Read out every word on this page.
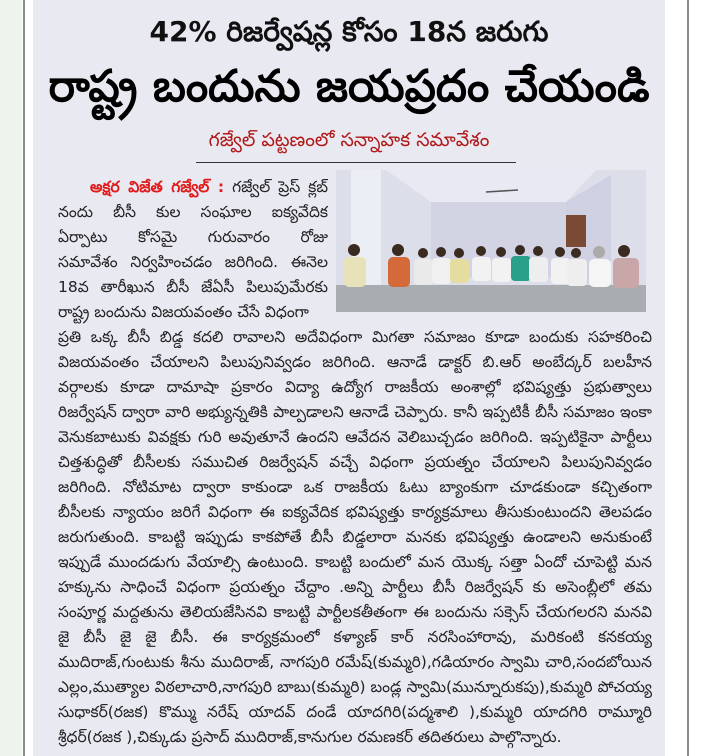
42% రిజర్వేషన్ల కోసం 18న జరుగు
రాష్ట్ర బందును జయప్రదం చేయండి
గజ్వేల్ పట్టణంలో సన్నాహక సమావేశం
అక్షర విజేత గజ్వేల్ : గజ్వేల్ ప్రెస్ క్లబ్
నందు బీసీ కుల సంఘాల ఐక్యవేదిక
ఏర్పాటు కోసమై గురువారం రోజు
సమావేశం నిర్వహించడం జరిగింది. ఈనెల
18వ తారీఖున బీసీ జేఏసీ పిలుపుమేరకు
రాష్ట్ర బందును విజయవంతం చేసే విధంగా
ప్రతి ఒక్క బీసీ బిడ్డ కదలి రావాలని అదేవిధంగా మిగతా సమాజం కూడా బందుకు సహకరించి
విజయవంతం చేయాలని పిలుపునివ్వడం జరిగింది. ఆనాడే డాక్టర్ బి.ఆర్ అంబేద్కర్ బలహీన
వర్గాలకు కూడా దామాషా ప్రకారం విద్యా ఉద్యోగ రాజకీయ అంశాల్లో భవిష్యత్తు ప్రభుత్వాలు
రిజర్వేషన్ ద్వారా వారి అభ్యున్నతికి పాల్పడాలని ఆనాడే చెప్పారు. కానీ ఇప్పటికీ బీసీ సమాజం ఇంకా
వెనుకబాటుకు వివక్షకు గురి అవుతూనే ఉందని ఆవేదన వెలిబుచ్చడం జరిగింది. ఇప్పటికైనా పార్టీలు
చిత్తశుద్ధితో బీసీలకు సముచిత రిజర్వేషన్ వచ్చే విధంగా ప్రయత్నం చేయాలని పిలుపునివ్వడం
జరిగింది. నోటిమాట ద్వారా కాకుండా ఒక రాజకీయ ఓటు బ్యాంకుగా చూడకుండా కచ్చితంగా
బీసీలకు న్యాయం జరిగే విధంగా ఈ ఐక్యవేదిక భవిష్యత్తు కార్యక్రమాలు తీసుకుంటుందని తెలపడం
జరుగుతుంది. కాబట్టి ఇప్పుడు కాకపోతే బీసీ బిడ్డలారా మనకు భవిష్యత్తు ఉండాలని అనుకుంటే
ఇప్పుడే ముందడుగు వేయాల్సి ఉంటుంది. కాబట్టి బందులో మన యొక్క సత్తా ఏందో చూపెట్టి మన
హక్కును సాధించే విధంగా ప్రయత్నం చేద్దాం .అన్ని పార్టీలు బీసీ రిజర్వేషన్ కు అసెంబ్లీలో తమ
సంపూర్ణ మద్దతును తెలియజేసినవి కాబట్టి పార్టీలకతీతంగా ఈ బందును సక్సెస్ చేయగలరని మనవి
జై బీసీ జై జై బీసీ. ఈ కార్యక్రమంలో కళ్యాణ్ కార్ నరసింహారావు, మరికంటి కనకయ్య
ముదిరాజ్,గుంటుకు శీను ముదిరాజ్, నాగపురి రమేష్(కుమ్మరి),గడియారం స్వామి చారి,సందబోయిన
ఎల్లం,ముత్యాల విఠలాచారి,నాగపురి బాబు(కుమ్మరి) బండ్ల స్వామి(మున్నూరుకపు),కుమ్మరి పోచయ్య
సుధాకర్(రజక) కొమ్ము నరేష్ యాదవ్ దండే యాదగిరి(పద్మశాలి ),కుమ్మరి యాదగిరి రామ్మూరి
శ్రీధర్(రజక ),చిక్కుడు ప్రసాద్ ముదిరాజ్,కానుగుల రమణకర్ తదితరులు పాల్గొన్నారు.
